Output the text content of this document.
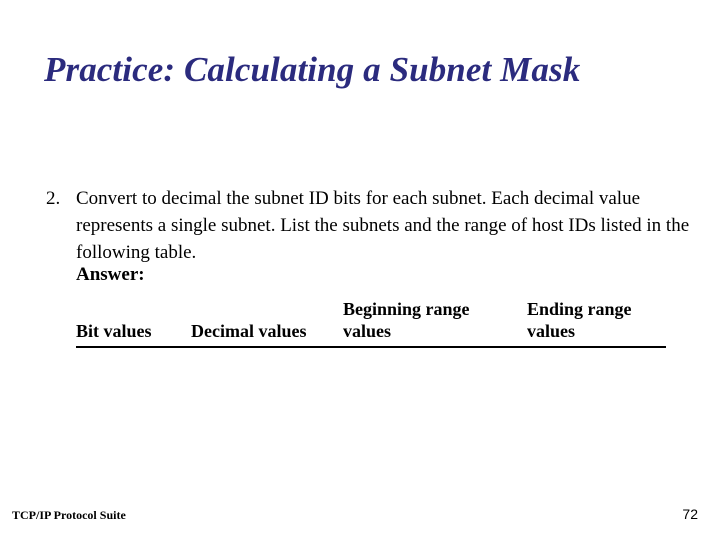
Practice: Calculating a Subnet Mask
2. Convert to decimal the subnet ID bits for each subnet. Each decimal value represents a single subnet. List the subnets and the range of host IDs listed in the following table.
Answer:
Bit values Decimal values
Beginning range values
Ending range values
TCP/IP Protocol Suite	72
